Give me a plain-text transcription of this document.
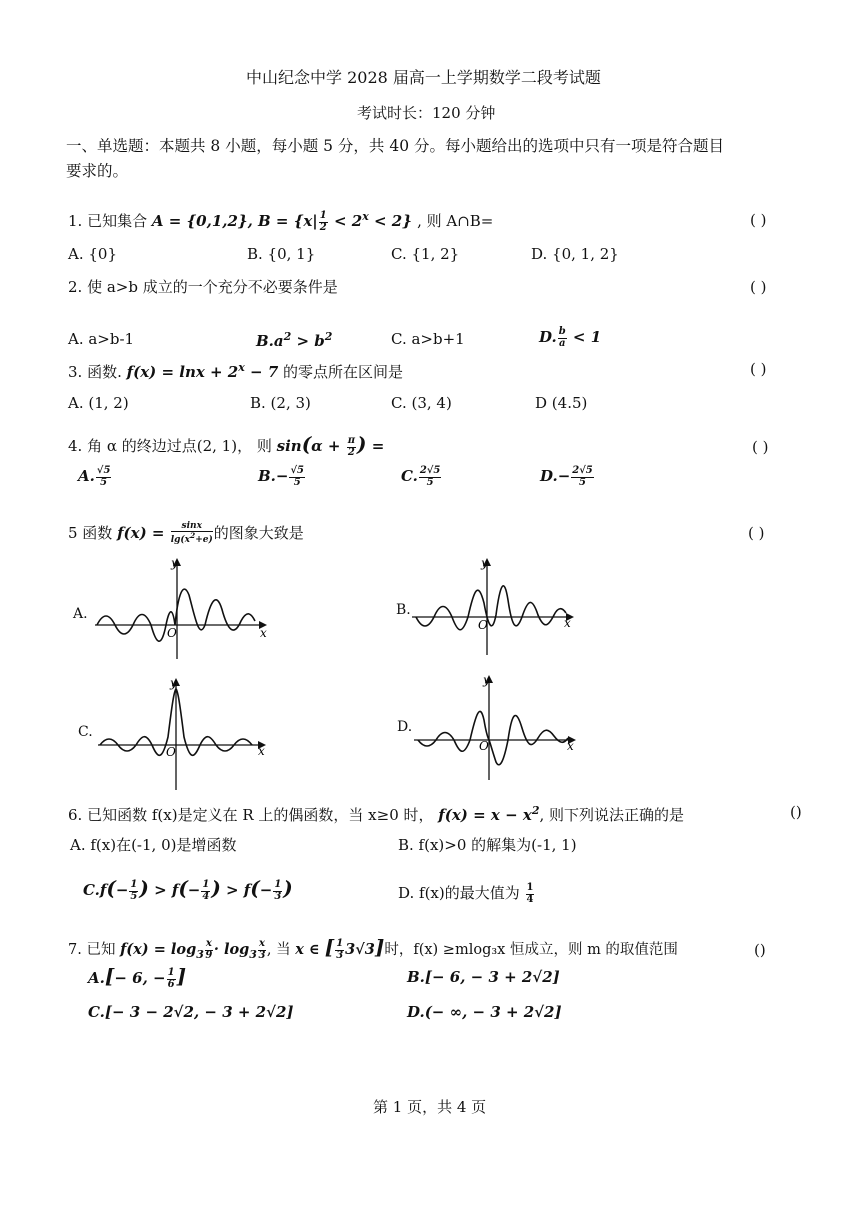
中山纪念中学 2028 届高一上学期数学二段考试题
考试时长：120 分钟
一、单选题：本题共 8 小题，每小题 5 分，共 40 分。每小题给出的选项中只有一项是符合题目
要求的。
1. 已知集合 A = {0,1,2}, $B = \{x| \frac{1}{2} < 2^x < 2\}$ , 则 A∩B=	( )
A. {0}	B. {0, 1}	C. {1, 2}	D. {0, 1, 2}
2. 使 a>b 成立的一个充分不必要条件是	( )
A. a>b-1	$B.a^2 > b^2$	C. a>b+1	D. $\frac{b}{a} < 1$
3. 函数. $f(x) = \ln x + 2^x - 7$ 的零点所在区间是	( )
A. (1, 2)	B. (2, 3)	C. (3, 4)	D (4.5)
4. 角 α 的终边过点(2, 1)， 则 $\sin(\alpha + \frac{\pi}{2}$ ) =	( )
A. $\frac{√5}{5}$	$B.- \frac{√5}{5}$	C. $\frac{2√5}{5}$	$D.- \frac{2√5}{5}$
5 函数 $f(x) = \frac{\sin x}{\lg(x^2+e)}$ 的图象大致是	( )
A.
y
x
O
B.
y
x
O
C.
y
x
O
D.
y
x
O
6. 已知函数 f(x)是定义在 R 上的偶函数，当 x≥0 时， $f(x) = x - x^2$, 则下列说法正确的是	()
A. f(x)在(-1, 0)是增函数	B. f(x)>0 的解集为(-1, 1)
$C.f(- \frac{1}{5}$ ) > $f(- \frac{1}{4}$ ) > $f(- \frac{1}{3}$ )	D. f(x)的最大值为 $\frac{1}{4}$
7. 已知 $f(x) = \log_3 \frac{x}{9} \cdot \log_3 \frac{x}{3}$ , 当 x ∈ [ $\frac{1}{3} 3√3$]时，f(x) ≥mlog₃x 恒成立，则 m 的取值范围	()
A.[− 6, − $\frac{1}{6}$ ]	B.[− 6, − 3 + 2√2]
C.[− 3 − 2√2, − 3 + 2√2]	D.(− ∞, − 3 + 2√2]
第 1 页，共 4 页
